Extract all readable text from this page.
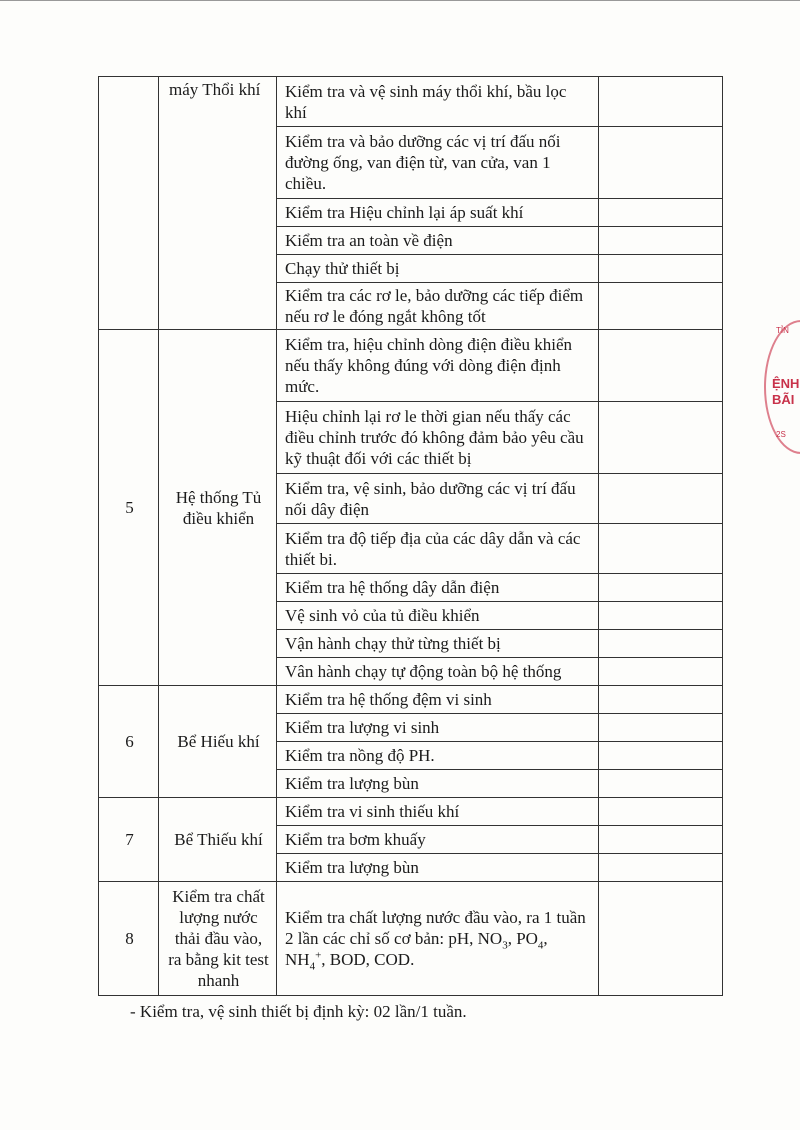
	máy Thổi khí	Kiểm tra và vệ sinh máy thổi khí, bầu lọc khí	
		Kiểm tra và bảo dưỡng các vị trí đấu nối đường ống, van điện từ, van cửa, van 1 chiều.	
		Kiểm tra Hiệu chỉnh lại áp suất khí	
		Kiểm tra an toàn về điện	
		Chạy thử thiết bị	
		Kiểm tra các rơ le, bảo dưỡng các tiếp điểm nếu rơ le đóng ngắt không tốt	
5	Hệ thống Tủ điều khiển	Kiểm tra, hiệu chỉnh dòng điện điều khiển nếu thấy không đúng với dòng điện định mức.	
		Hiệu chỉnh lại rơ le thời gian nếu thấy các điều chỉnh trước đó không đảm bảo yêu cầu kỹ thuật đối với các thiết bị	
		Kiểm tra, vệ sinh, bảo dưỡng các vị trí đấu nối dây điện	
		Kiểm tra độ tiếp địa của các dây dẫn và các thiết bi.	
		Kiểm tra hệ thống dây dẫn điện	
		Vệ sinh vỏ của tủ điều khiển	
		Vận hành chạy thử từng thiết bị	
		Vân hành chạy tự động toàn bộ hệ thống	
6	Bể Hiếu khí	Kiểm tra hệ thống đệm vi sinh	
		Kiểm tra lượng vi sinh	
		Kiểm tra nồng độ PH.	
		Kiểm tra lượng bùn	
7	Bể Thiếu khí	Kiểm tra vi sinh thiếu khí	
		Kiểm tra bơm khuấy	
		Kiểm tra lượng bùn	
8	Kiểm tra chất lượng nước thải đầu vào, ra bằng kit test nhanh	Kiểm tra chất lượng nước đầu vào, ra 1 tuần 2 lần các chỉ số cơ bản: pH, $NO_3$, $PO_4$, $NH_4^+$, BOD, COD.	
- Kiểm tra, vệ sinh thiết bị định kỳ: 02 lần/1 tuần.
TỈN
ỆNH
BÃI
2S
